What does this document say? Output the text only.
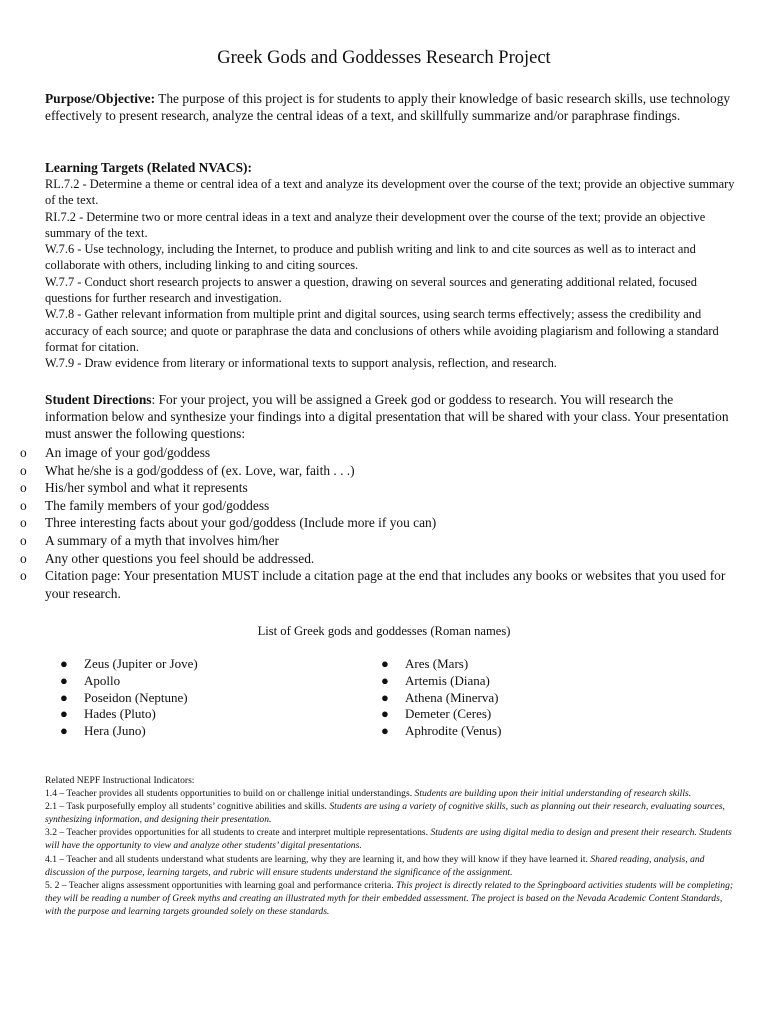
Greek Gods and Goddesses Research Project
Purpose/Objective: The purpose of this project is for students to apply their knowledge of basic research skills, use technology effectively to present research, analyze the central ideas of a text, and skillfully summarize and/or paraphrase findings.
Learning Targets (Related NVACS):
RL.7.2 - Determine a theme or central idea of a text and analyze its development over the course of the text; provide an objective summary of the text.
RI.7.2 - Determine two or more central ideas in a text and analyze their development over the course of the text; provide an objective summary of the text.
W.7.6 - Use technology, including the Internet, to produce and publish writing and link to and cite sources as well as to interact and collaborate with others, including linking to and citing sources.
W.7.7 - Conduct short research projects to answer a question, drawing on several sources and generating additional related, focused questions for further research and investigation.
W.7.8 - Gather relevant information from multiple print and digital sources, using search terms effectively; assess the credibility and accuracy of each source; and quote or paraphrase the data and conclusions of others while avoiding plagiarism and following a standard format for citation.
W.7.9 - Draw evidence from literary or informational texts to support analysis, reflection, and research.
Student Directions: For your project, you will be assigned a Greek god or goddess to research. You will research the information below and synthesize your findings into a digital presentation that will be shared with your class. Your presentation must answer the following questions:
o An image of your god/goddess
o What he/she is a god/goddess of (ex. Love, war, faith . . .)
o His/her symbol and what it represents
o The family members of your god/goddess
o Three interesting facts about your god/goddess (Include more if you can)
o A summary of a myth that involves him/her
o Any other questions you feel should be addressed.
o Citation page: Your presentation MUST include a citation page at the end that includes any books or websites that you used for your research.
List of Greek gods and goddesses (Roman names)
● Zeus (Jupiter or Jove)
● Apollo
● Poseidon (Neptune)
● Hades (Pluto)
● Hera (Juno)
● Ares (Mars)
● Artemis (Diana)
● Athena (Minerva)
● Demeter (Ceres)
● Aphrodite (Venus)
Related NEPF Instructional Indicators:
1.4 – Teacher provides all students opportunities to build on or challenge initial understandings. Students are building upon their initial understanding of research skills.
2.1 – Task purposefully employ all students’ cognitive abilities and skills. Students are using a variety of cognitive skills, such as planning out their research, evaluating sources, synthesizing information, and designing their presentation.
3.2 – Teacher provides opportunities for all students to create and interpret multiple representations. Students are using digital media to design and present their research. Students will have the opportunity to view and analyze other students’ digital presentations.
4.1 – Teacher and all students understand what students are learning, why they are learning it, and how they will know if they have learned it. Shared reading, analysis, and discussion of the purpose, learning targets, and rubric will ensure students understand the significance of the assignment.
5. 2 – Teacher aligns assessment opportunities with learning goal and performance criteria. This project is directly related to the Springboard activities students will be completing; they will be reading a number of Greek myths and creating an illustrated myth for their embedded assessment. The project is based on the Nevada Academic Content Standards, with the purpose and learning targets grounded solely on these standards.
